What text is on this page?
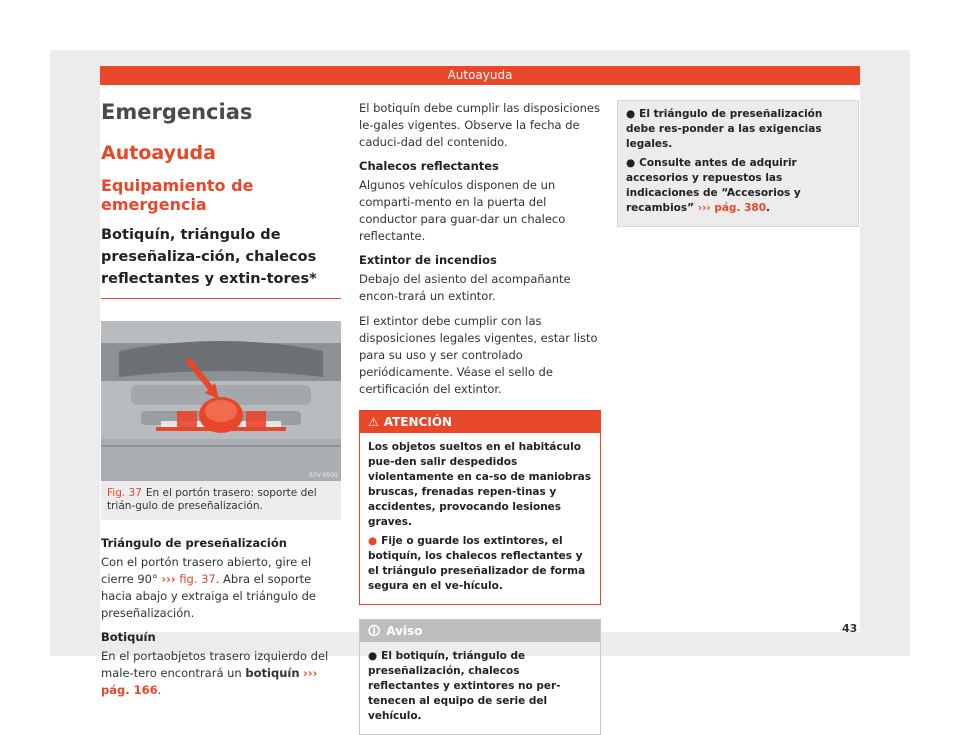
Autoayuda
Emergencias
Autoayuda
Equipamiento de emergencia
Botiquín, triángulo de preseñaliza-ción, chalecos reflectantes y extin-tores*
B7V-0999
Fig. 37 En el portón trasero: soporte del trián-gulo de preseñalización.
Triángulo de preseñalización
Con el portón trasero abierto, gire el cierre 90° ››› fig. 37. Abra el soporte hacia abajo y extraiga el triángulo de preseñalización.
Botiquín
En el portaobjetos trasero izquierdo del male-tero encontrará un botiquín ››› pág. 166.
El botiquín debe cumplir las disposiciones le-gales vigentes. Observe la fecha de caduci-dad del contenido.
Chalecos reflectantes
Algunos vehículos disponen de un comparti-mento en la puerta del conductor para guar-dar un chaleco reflectante.
Extintor de incendios
Debajo del asiento del acompañante encon-trará un extintor.
El extintor debe cumplir con las disposiciones legales vigentes, estar listo para su uso y ser controlado periódicamente. Véase el sello de certificación del extintor.
⚠ ATENCIÓN
Los objetos sueltos en el habitáculo pue-den salir despedidos violentamente en ca-so de maniobras bruscas, frenadas repen-tinas y accidentes, provocando lesiones graves.
● Fije o guarde los extintores, el botiquín, los chalecos reflectantes y el triángulo preseñalizador de forma segura en el ve-hículo.
🛈 Aviso
● El botiquín, triángulo de preseñalización, chalecos reflectantes y extintores no per-tenecen al equipo de serie del vehículo.
● El triángulo de preseñalización debe res-ponder a las exigencias legales.
● Consulte antes de adquirir accesorios y repuestos las indicaciones de “Accesorios y recambios” ››› pág. 380.
43
